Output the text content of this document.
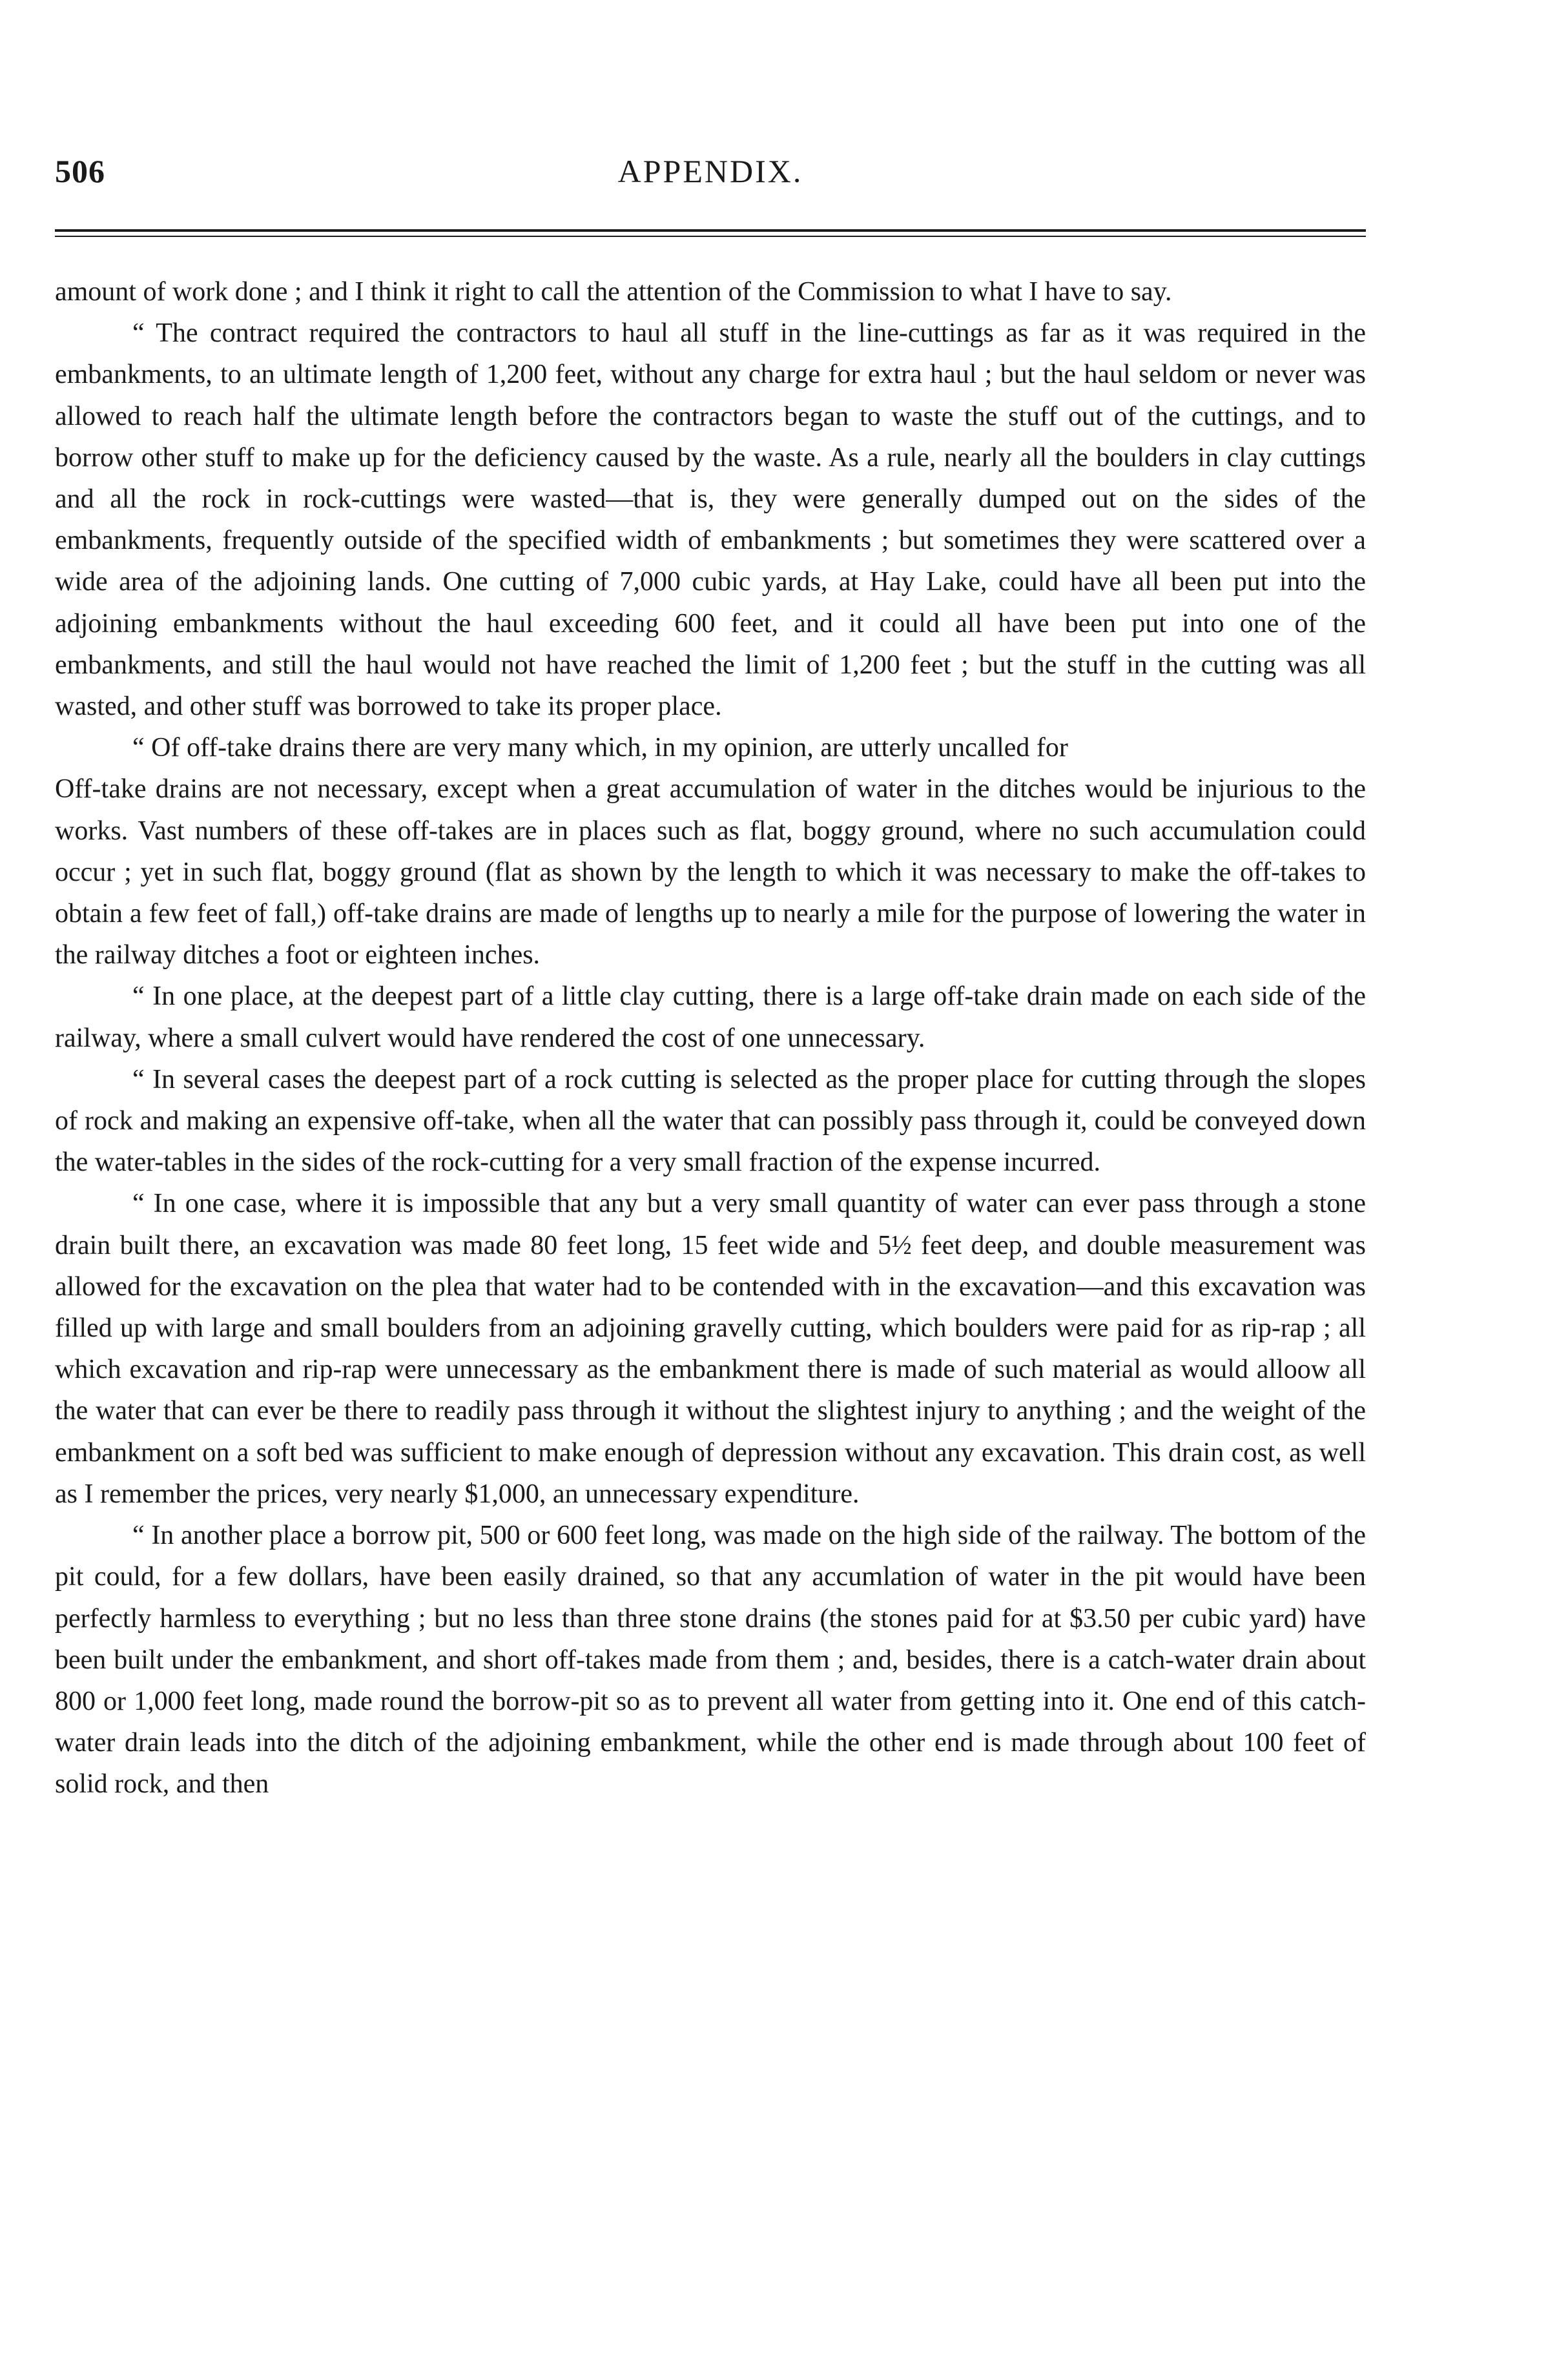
506	APPENDIX.

amount of work done ; and I think it right to call the attention of the Commission to what I have to say.

“ The contract required the contractors to haul all stuff in the line-cuttings as far as it was required in the embankments, to an ultimate length of 1,200 feet, without any charge for extra haul ; but the haul seldom or never was allowed to reach half the ultimate length before the contractors began to waste the stuff out of the cuttings, and to borrow other stuff to make up for the deficiency caused by the waste. As a rule, nearly all the boulders in clay cuttings and all the rock in rock-cuttings were wasted—that is, they were generally dumped out on the sides of the embankments, frequently outside of the specified width of embankments ; but sometimes they were scattered over a wide area of the adjoining lands. One cutting of 7,000 cubic yards, at Hay Lake, could have all been put into the adjoining embankments without the haul exceeding 600 feet, and it could all have been put into one of the embankments, and still the haul would not have reached the limit of 1,200 feet ; but the stuff in the cutting was all wasted, and other stuff was borrowed to take its proper place.

“ Of off-take drains there are very many which, in my opinion, are utterly uncalled for

Off-take drains are not necessary, except when a great accumulation of water in the ditches would be injurious to the works. Vast numbers of these off-takes are in places such as flat, boggy ground, where no such accumulation could occur ; yet in such flat, boggy ground (flat as shown by the length to which it was necessary to make the off-takes to obtain a few feet of fall,) off-take drains are made of lengths up to nearly a mile for the purpose of lowering the water in the railway ditches a foot or eighteen inches.

“ In one place, at the deepest part of a little clay cutting, there is a large off-take drain made on each side of the railway, where a small culvert would have rendered the cost of one unnecessary.

“ In several cases the deepest part of a rock cutting is selected as the proper place for cutting through the slopes of rock and making an expensive off-take, when all the water that can possibly pass through it, could be conveyed down the water-tables in the sides of the rock-cutting for a very small fraction of the expense incurred.

“ In one case, where it is impossible that any but a very small quantity of water can ever pass through a stone drain built there, an excavation was made 80 feet long, 15 feet wide and 5½ feet deep, and double measurement was allowed for the excavation on the plea that water had to be contended with in the excavation—and this excavation was filled up with large and small boulders from an adjoining gravelly cutting, which boulders were paid for as rip-rap ; all which excavation and rip-rap were unnecessary as the embankment there is made of such material as would alloow all the water that can ever be there to readily pass through it without the slightest injury to anything ; and the weight of the embankment on a soft bed was sufficient to make enough of depression without any excavation. This drain cost, as well as I remember the prices, very nearly $1,000, an unnecessary expenditure.

“ In another place a borrow pit, 500 or 600 feet long, was made on the high side of the railway. The bottom of the pit could, for a few dollars, have been easily drained, so that any accumlation of water in the pit would have been perfectly harmless to everything ; but no less than three stone drains (the stones paid for at $3.50 per cubic yard) have been built under the embankment, and short off-takes made from them ; and, besides, there is a catch-water drain about 800 or 1,000 feet long, made round the borrow-pit so as to prevent all water from getting into it. One end of this catch-water drain leads into the ditch of the adjoining embankment, while the other end is made through about 100 feet of solid rock, and then
